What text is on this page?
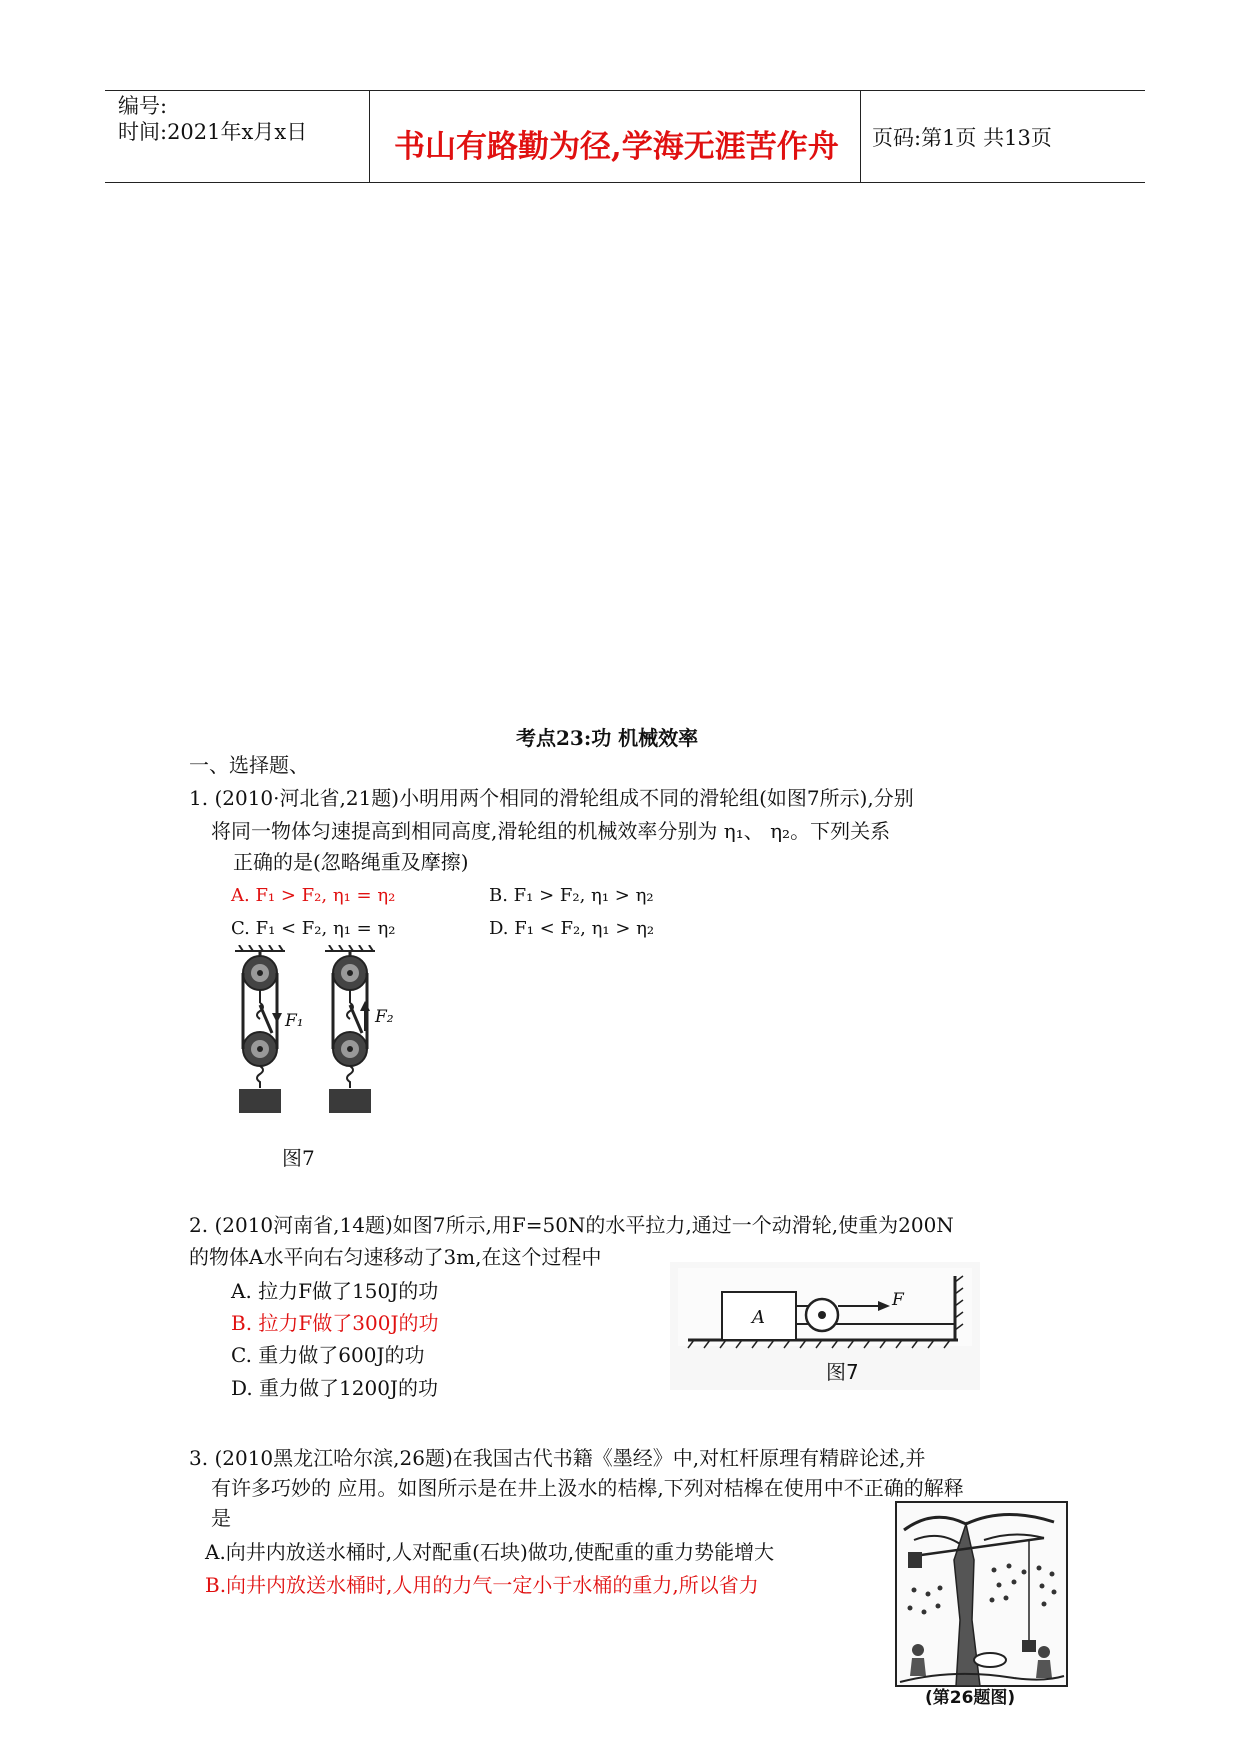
编号:
时间:2021年x月x日	书山有路勤为径,学海无涯苦作舟 页码:第1页 共13页
考点23:功 机械效率
一、选择题、
1. (2010·河北省,21题)小明用两个相同的滑轮组成不同的滑轮组(如图7所示),分别
将同一物体匀速提高到相同高度,滑轮组的机械效率分别为 η₁、 η₂。下列关系
正确的是(忽略绳重及摩擦)
A. F₁ > F₂, η₁ = η₂	B. F₁ > F₂, η₁ > η₂
C. F₁ < F₂, η₁ = η₂	D. F₁ < F₂, η₁ > η₂
F₁	F₂
图7
2. (2010河南省,14题)如图7所示,用F=50N的水平拉力,通过一个动滑轮,使重为200N
的物体A水平向右匀速移动了3m,在这个过程中
A. 拉力F做了150J的功
B. 拉力F做了300J的功
C. 重力做了600J的功
D. 重力做了1200J的功
A
F
图7
3. (2010黑龙江哈尔滨,26题)在我国古代书籍《墨经》中,对杠杆原理有精辟论述,并
有许多巧妙的 应用。如图所示是在井上汲水的桔槔,下列对桔槔在使用中不正确的解释
是
A.向井内放送水桶时,人对配重(石块)做功,使配重的重力势能增大
B.向井内放送水桶时,人用的力气一定小于水桶的重力,所以省力
(第26题图)
